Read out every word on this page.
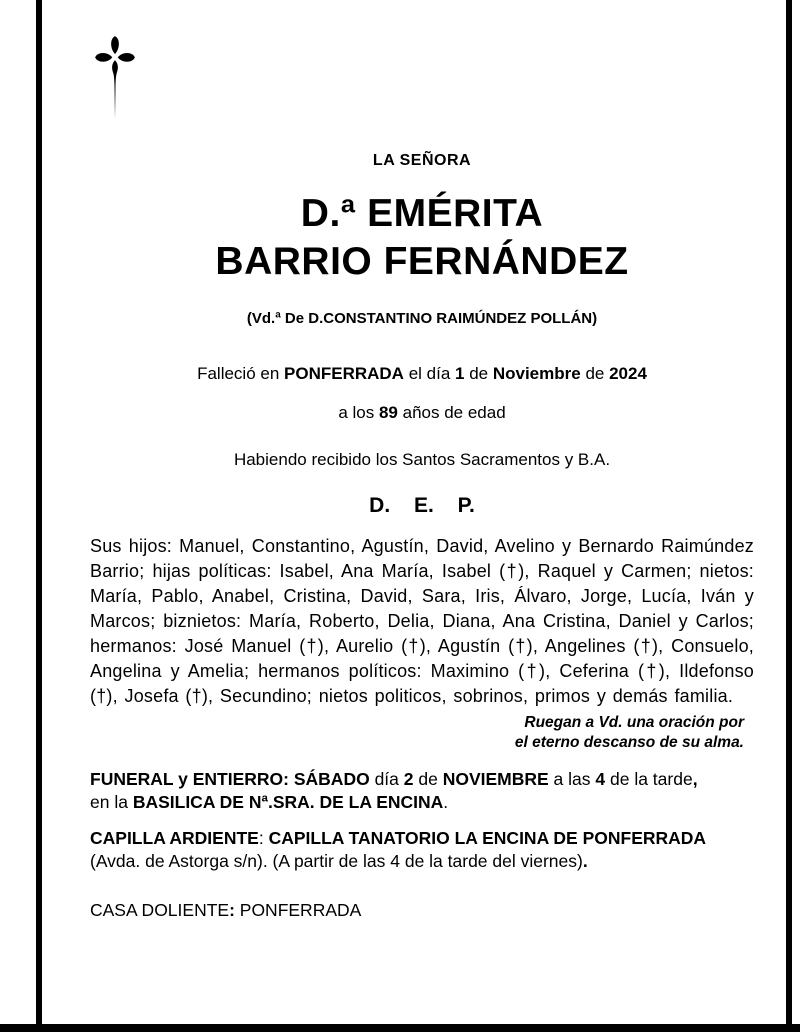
LA SEÑORA

D.ª EMÉRITA
BARRIO FERNÁNDEZ

(Vd.ª De D.CONSTANTINO RAIMÚNDEZ POLLÁN)

Falleció en PONFERRADA el día 1 de Noviembre de 2024

a los 89 años de edad

Habiendo recibido los Santos Sacramentos y B.A.

D. E. P.

Sus hijos: Manuel, Constantino, Agustín, David, Avelino y Bernardo Raimúndez Barrio; hijas políticas: Isabel, Ana María, Isabel (†), Raquel y Carmen; nietos: María, Pablo, Anabel, Cristina, David, Sara, Iris, Álvaro, Jorge, Lucía, Iván y Marcos; biznietos: María, Roberto, Delia, Diana, Ana Cristina, Daniel y Carlos; hermanos: José Manuel (†), Aurelio (†), Agustín (†), Angelines (†), Consuelo, Angelina y Amelia; hermanos políticos: Maximino (†), Ceferina (†), Ildefonso (†), Josefa (†), Secundino; nietos politicos, sobrinos, primos y demás familia.

Ruegan a Vd. una oración por

el eterno descanso de su alma.

FUNERAL y ENTIERRO: SÁBADO día 2 de NOVIEMBRE a las 4 de la tarde,
en la BASILICA DE Nª.SRA. DE LA ENCINA.

CAPILLA ARDIENTE: CAPILLA TANATORIO LA ENCINA DE PONFERRADA
(Avda. de Astorga s/n). (A partir de las 4 de la tarde del viernes).

CASA DOLIENTE: PONFERRADA
